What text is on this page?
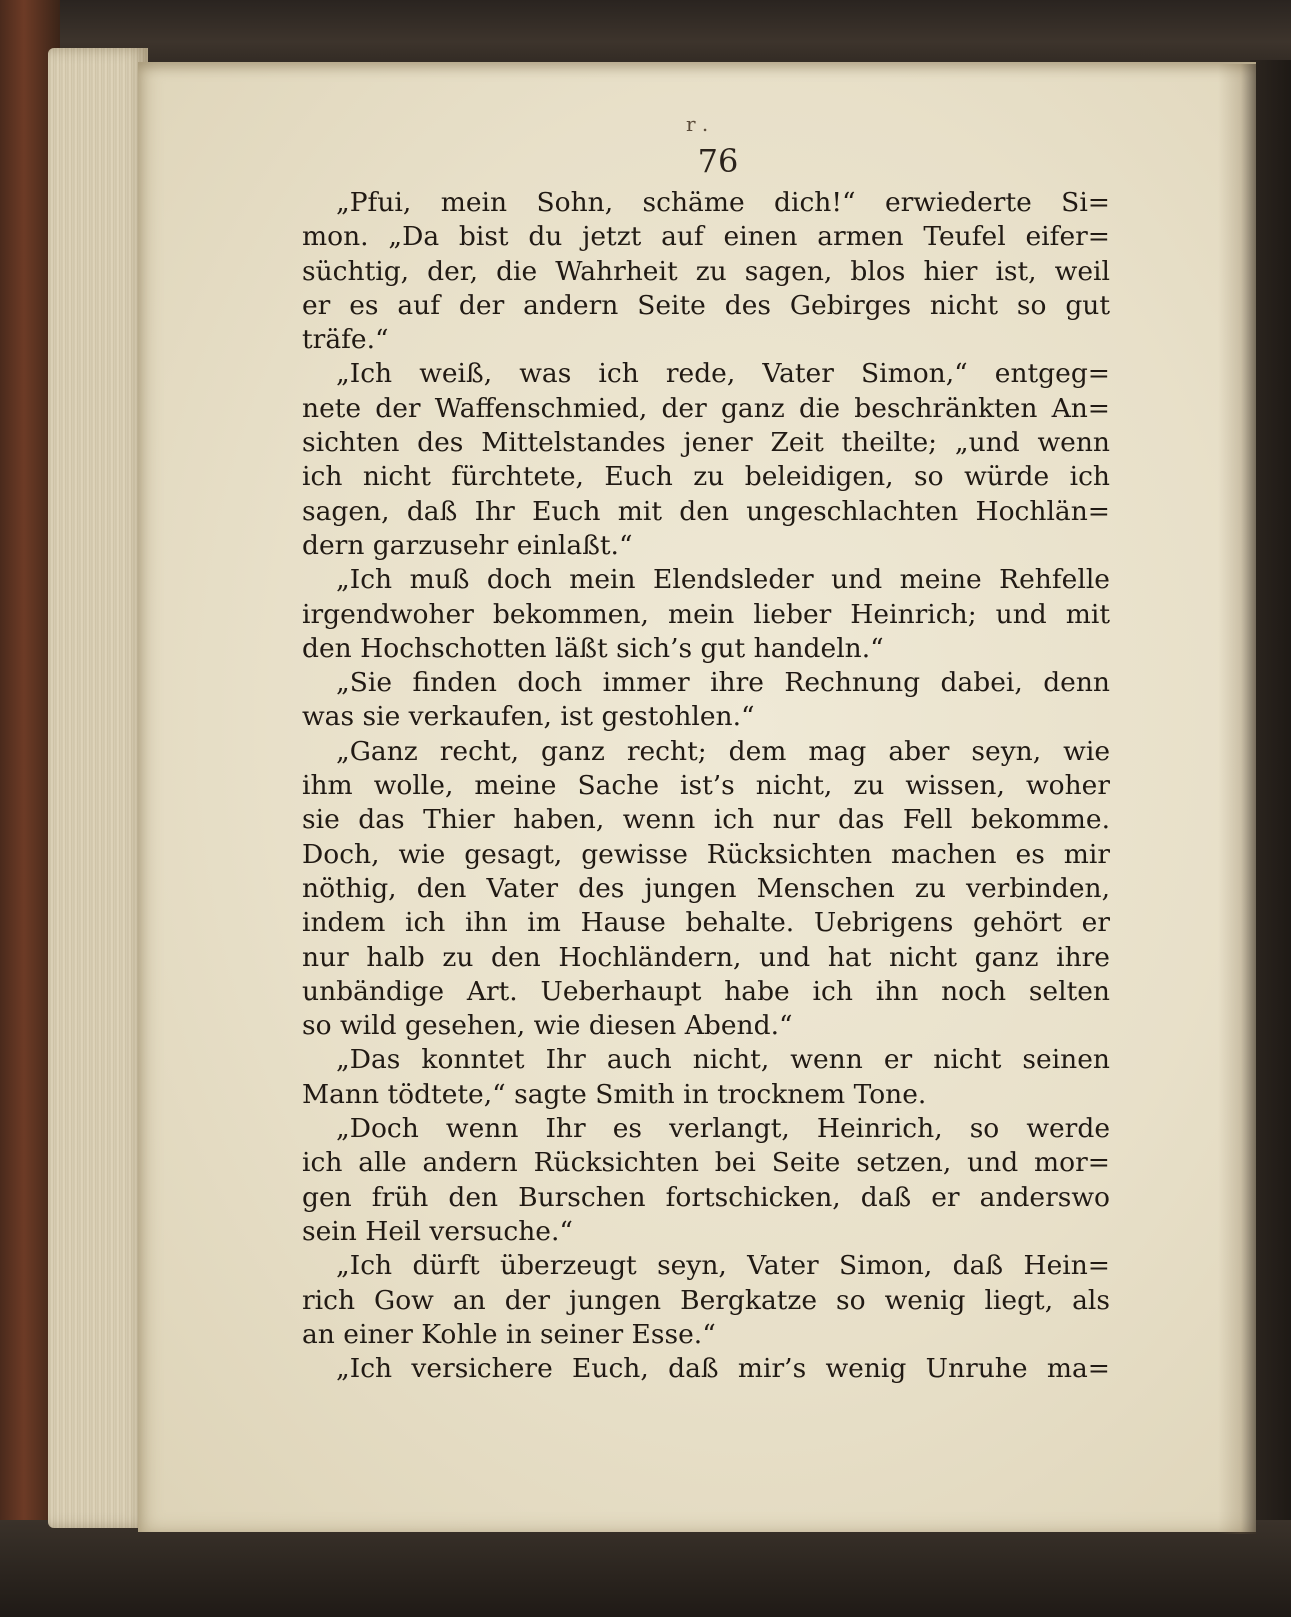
r .
76
„Pfui, mein Sohn, schäme dich!“ erwiederte Si=
mon. „Da bist du jetzt auf einen armen Teufel eifer=
süchtig, der, die Wahrheit zu sagen, blos hier ist, weil
er es auf der andern Seite des Gebirges nicht so gut
träfe.“
„Ich weiß, was ich rede, Vater Simon,“ entgeg=
nete der Waffenschmied, der ganz die beschränkten An=
sichten des Mittelstandes jener Zeit theilte; „und wenn
ich nicht fürchtete, Euch zu beleidigen, so würde ich
sagen, daß Ihr Euch mit den ungeschlachten Hochlän=
dern garzusehr einlaßt.“
„Ich muß doch mein Elendsleder und meine Rehfelle
irgendwoher bekommen, mein lieber Heinrich; und mit
den Hochschotten läßt sich’s gut handeln.“
„Sie finden doch immer ihre Rechnung dabei, denn
was sie verkaufen, ist gestohlen.“
„Ganz recht, ganz recht; dem mag aber seyn, wie
ihm wolle, meine Sache ist’s nicht, zu wissen, woher
sie das Thier haben, wenn ich nur das Fell bekomme.
Doch, wie gesagt, gewisse Rücksichten machen es mir
nöthig, den Vater des jungen Menschen zu verbinden,
indem ich ihn im Hause behalte. Uebrigens gehört er
nur halb zu den Hochländern, und hat nicht ganz ihre
unbändige Art. Ueberhaupt habe ich ihn noch selten
so wild gesehen, wie diesen Abend.“
„Das konntet Ihr auch nicht, wenn er nicht seinen
Mann tödtete,“ sagte Smith in trocknem Tone.
„Doch wenn Ihr es verlangt, Heinrich, so werde
ich alle andern Rücksichten bei Seite setzen, und mor=
gen früh den Burschen fortschicken, daß er anderswo
sein Heil versuche.“
„Ich dürft überzeugt seyn, Vater Simon, daß Hein=
rich Gow an der jungen Bergkatze so wenig liegt, als
an einer Kohle in seiner Esse.“
„Ich versichere Euch, daß mir’s wenig Unruhe ma=
